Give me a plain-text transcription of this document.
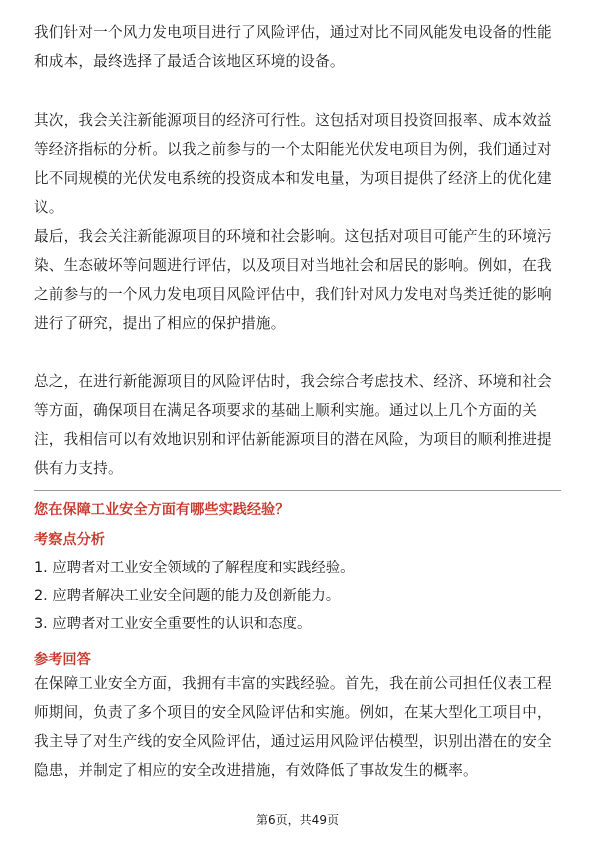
我们针对一个风力发电项目进行了风险评估，通过对比不同风能发电设备的性能和成本，最终选择了最适合该地区环境的设备。

其次，我会关注新能源项目的经济可行性。这包括对项目投资回报率、成本效益等经济指标的分析。以我之前参与的一个太阳能光伏发电项目为例，我们通过对比不同规模的光伏发电系统的投资成本和发电量，为项目提供了经济上的优化建议。

最后，我会关注新能源项目的环境和社会影响。这包括对项目可能产生的环境污染、生态破坏等问题进行评估，以及项目对当地社会和居民的影响。例如，在我之前参与的一个风力发电项目风险评估中，我们针对风力发电对鸟类迁徙的影响进行了研究，提出了相应的保护措施。

总之，在进行新能源项目的风险评估时，我会综合考虑技术、经济、环境和社会等方面，确保项目在满足各项要求的基础上顺利实施。通过以上几个方面的关注，我相信可以有效地识别和评估新能源项目的潜在风险，为项目的顺利推进提供有力支持。

您在保障工业安全方面有哪些实践经验？
考察点分析
1. 应聘者对工业安全领域的了解程度和实践经验。
2. 应聘者解决工业安全问题的能力及创新能力。
3. 应聘者对工业安全重要性的认识和态度。
参考回答

在保障工业安全方面，我拥有丰富的实践经验。首先，我在前公司担任仪表工程师期间，负责了多个项目的安全风险评估和实施。例如，在某大型化工项目中，我主导了对生产线的安全风险评估，通过运用风险评估模型，识别出潜在的安全隐患，并制定了相应的安全改进措施，有效降低了事故发生的概率。

第6页，共49页
